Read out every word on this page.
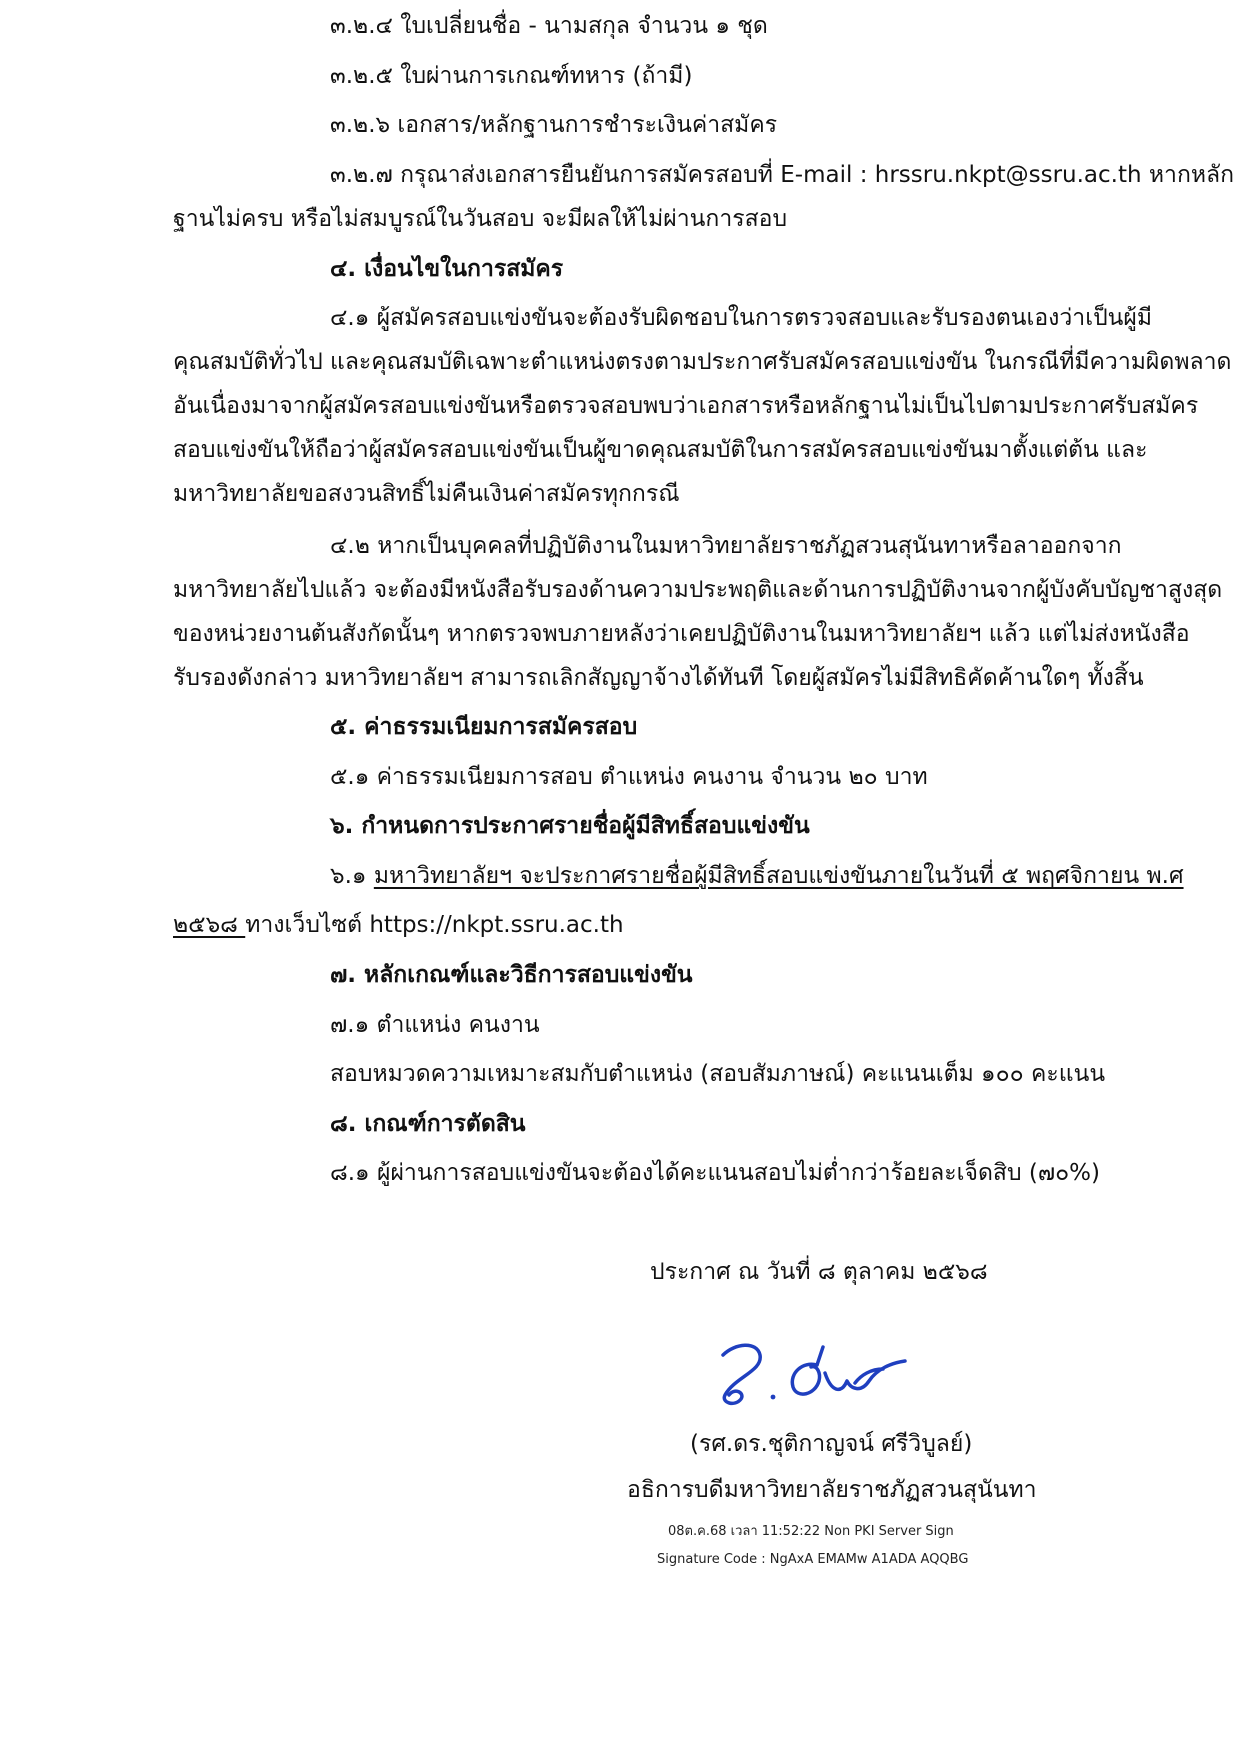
๓.๒.๔ ใบเปลี่ยนชื่อ - นามสกุล จำนวน ๑ ชุด
๓.๒.๕ ใบผ่านการเกณฑ์ทหาร (ถ้ามี)
๓.๒.๖ เอกสาร/หลักฐานการชำระเงินค่าสมัคร
๓.๒.๗ กรุณาส่งเอกสารยืนยันการสมัครสอบที่ E-mail : hrssru.nkpt@ssru.ac.th หากหลัก
ฐานไม่ครบ หรือไม่สมบูรณ์ในวันสอบ จะมีผลให้ไม่ผ่านการสอบ
๔. เงื่อนไขในการสมัคร
๔.๑ ผู้สมัครสอบแข่งขันจะต้องรับผิดชอบในการตรวจสอบและรับรองตนเองว่าเป็นผู้มี
คุณสมบัติทั่วไป และคุณสมบัติเฉพาะตำแหน่งตรงตามประกาศรับสมัครสอบแข่งขัน ในกรณีที่มีความผิดพลาด
อันเนื่องมาจากผู้สมัครสอบแข่งขันหรือตรวจสอบพบว่าเอกสารหรือหลักฐานไม่เป็นไปตามประกาศรับสมัคร
สอบแข่งขันให้ถือว่าผู้สมัครสอบแข่งขันเป็นผู้ขาดคุณสมบัติในการสมัครสอบแข่งขันมาตั้งแต่ต้น และ
มหาวิทยาลัยขอสงวนสิทธิ์ไม่คืนเงินค่าสมัครทุกกรณี
๔.๒ หากเป็นบุคคลที่ปฏิบัติงานในมหาวิทยาลัยราชภัฏสวนสุนันทาหรือลาออกจาก
มหาวิทยาลัยไปแล้ว จะต้องมีหนังสือรับรองด้านความประพฤติและด้านการปฏิบัติงานจากผู้บังคับบัญชาสูงสุด
ของหน่วยงานต้นสังกัดนั้นๆ หากตรวจพบภายหลังว่าเคยปฏิบัติงานในมหาวิทยาลัยฯ แล้ว แต่ไม่ส่งหนังสือ
รับรองดังกล่าว มหาวิทยาลัยฯ สามารถเลิกสัญญาจ้างได้ทันที โดยผู้สมัครไม่มีสิทธิคัดค้านใดๆ ทั้งสิ้น
๕. ค่าธรรมเนียมการสมัครสอบ
๕.๑ ค่าธรรมเนียมการสอบ ตำแหน่ง คนงาน จำนวน ๒๐ บาท
๖. กำหนดการประกาศรายชื่อผู้มีสิทธิ์สอบแข่งขัน
๖.๑ มหาวิทยาลัยฯ จะประกาศรายชื่อผู้มีสิทธิ์สอบแข่งขันภายในวันที่ ๕ พฤศจิกายน พ.ศ
๒๕๖๘ ทางเว็บไซต์ https://nkpt.ssru.ac.th
๗. หลักเกณฑ์และวิธีการสอบแข่งขัน
๗.๑ ตำแหน่ง คนงาน
สอบหมวดความเหมาะสมกับตำแหน่ง (สอบสัมภาษณ์) คะแนนเต็ม ๑๐๐ คะแนน
๘. เกณฑ์การตัดสิน
๘.๑ ผู้ผ่านการสอบแข่งขันจะต้องได้คะแนนสอบไม่ต่ำกว่าร้อยละเจ็ดสิบ (๗๐%)
ประกาศ ณ วันที่ ๘ ตุลาคม ๒๕๖๘
(รศ.ดร.ชุติกาญจน์ ศรีวิบูลย์)
อธิการบดีมหาวิทยาลัยราชภัฏสวนสุนันทา
08ต.ค.68 เวลา 11:52:22 Non PKI Server Sign
Signature Code : NgAxA EMAMw A1ADA AQQBG
